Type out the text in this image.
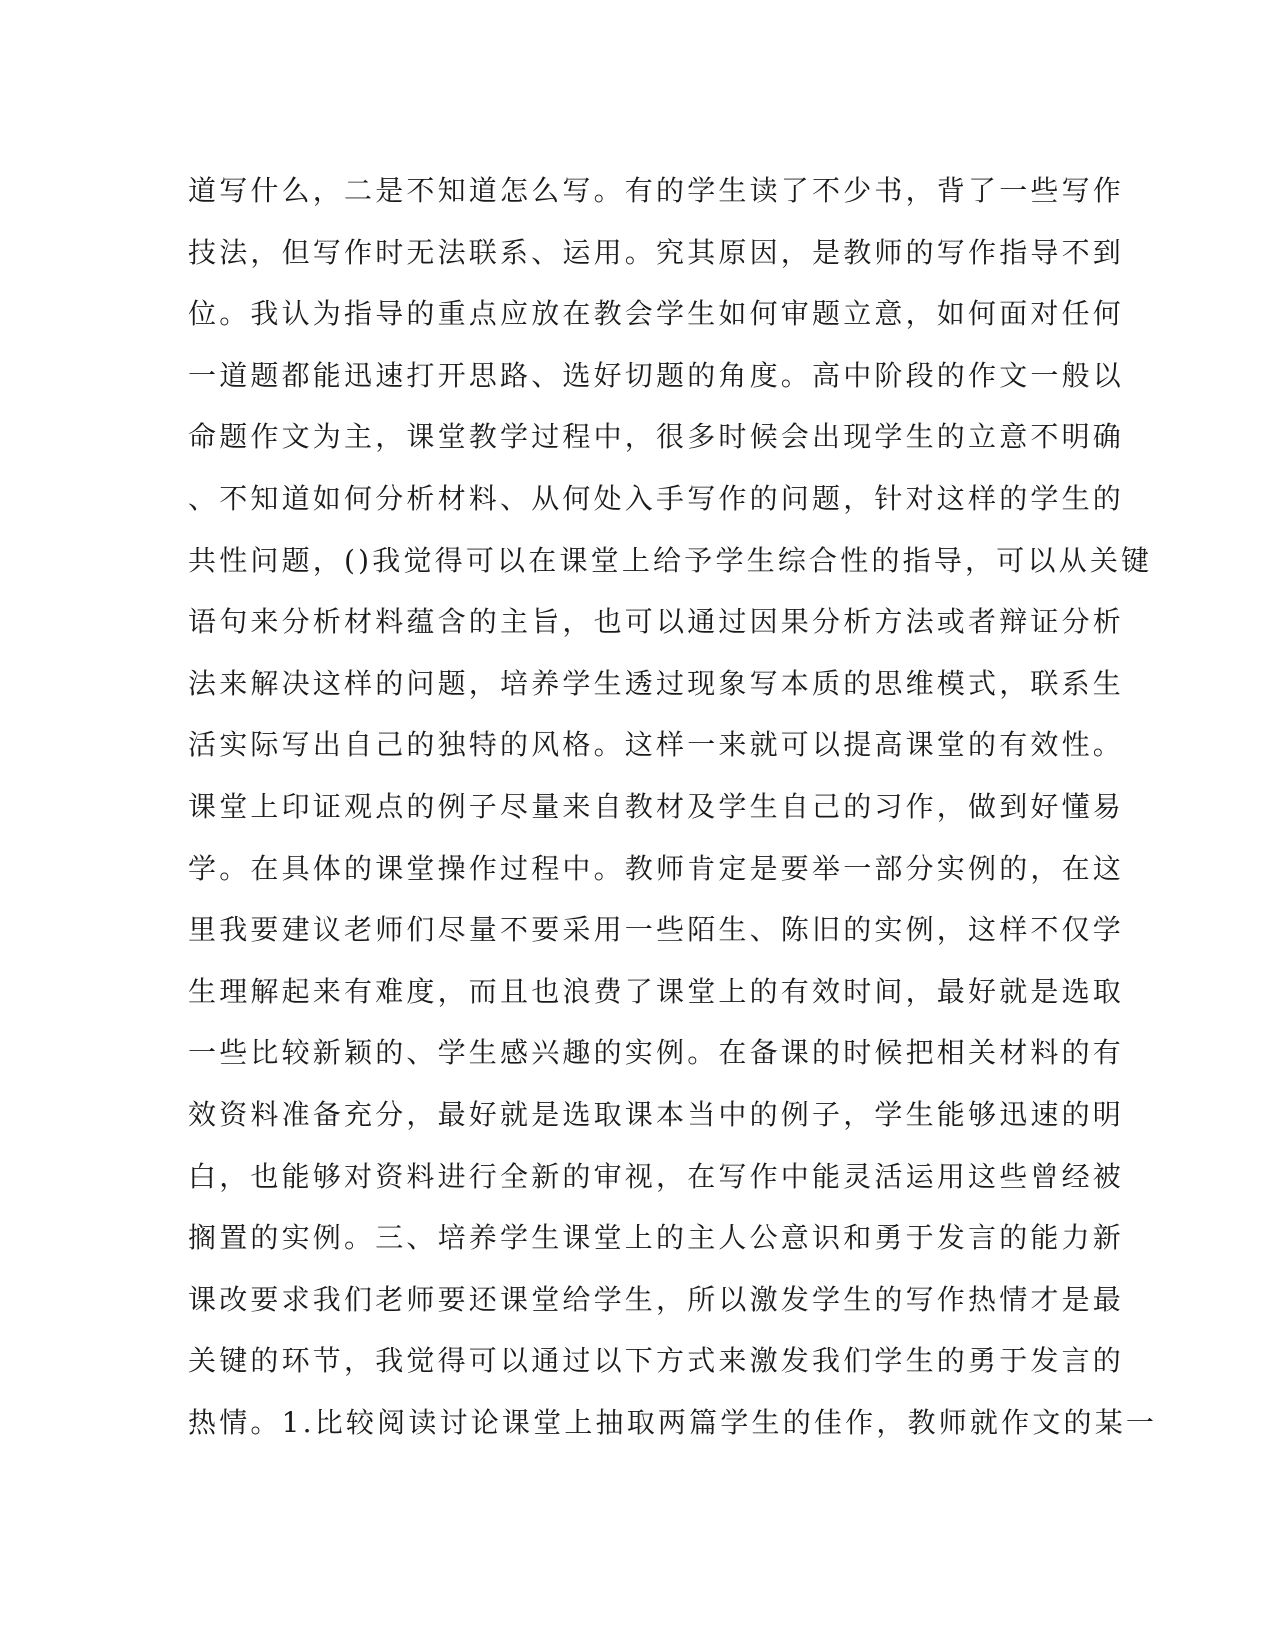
道写什么，二是不知道怎么写。有的学生读了不少书，背了一些写作
技法，但写作时无法联系、运用。究其原因，是教师的写作指导不到
位。我认为指导的重点应放在教会学生如何审题立意，如何面对任何
一道题都能迅速打开思路、选好切题的角度。高中阶段的作文一般以
命题作文为主，课堂教学过程中，很多时候会出现学生的立意不明确
、不知道如何分析材料、从何处入手写作的问题，针对这样的学生的
共性问题，()我觉得可以在课堂上给予学生综合性的指导，可以从关键
语句来分析材料蕴含的主旨，也可以通过因果分析方法或者辩证分析
法来解决这样的问题，培养学生透过现象写本质的思维模式，联系生
活实际写出自己的独特的风格。这样一来就可以提高课堂的有效性。
课堂上印证观点的例子尽量来自教材及学生自己的习作，做到好懂易
学。在具体的课堂操作过程中。教师肯定是要举一部分实例的，在这
里我要建议老师们尽量不要采用一些陌生、陈旧的实例，这样不仅学
生理解起来有难度，而且也浪费了课堂上的有效时间，最好就是选取
一些比较新颖的、学生感兴趣的实例。在备课的时候把相关材料的有
效资料准备充分，最好就是选取课本当中的例子，学生能够迅速的明
白，也能够对资料进行全新的审视，在写作中能灵活运用这些曾经被
搁置的实例。三、培养学生课堂上的主人公意识和勇于发言的能力新
课改要求我们老师要还课堂给学生，所以激发学生的写作热情才是最
关键的环节，我觉得可以通过以下方式来激发我们学生的勇于发言的
热情。1.比较阅读讨论课堂上抽取两篇学生的佳作，教师就作文的某一
